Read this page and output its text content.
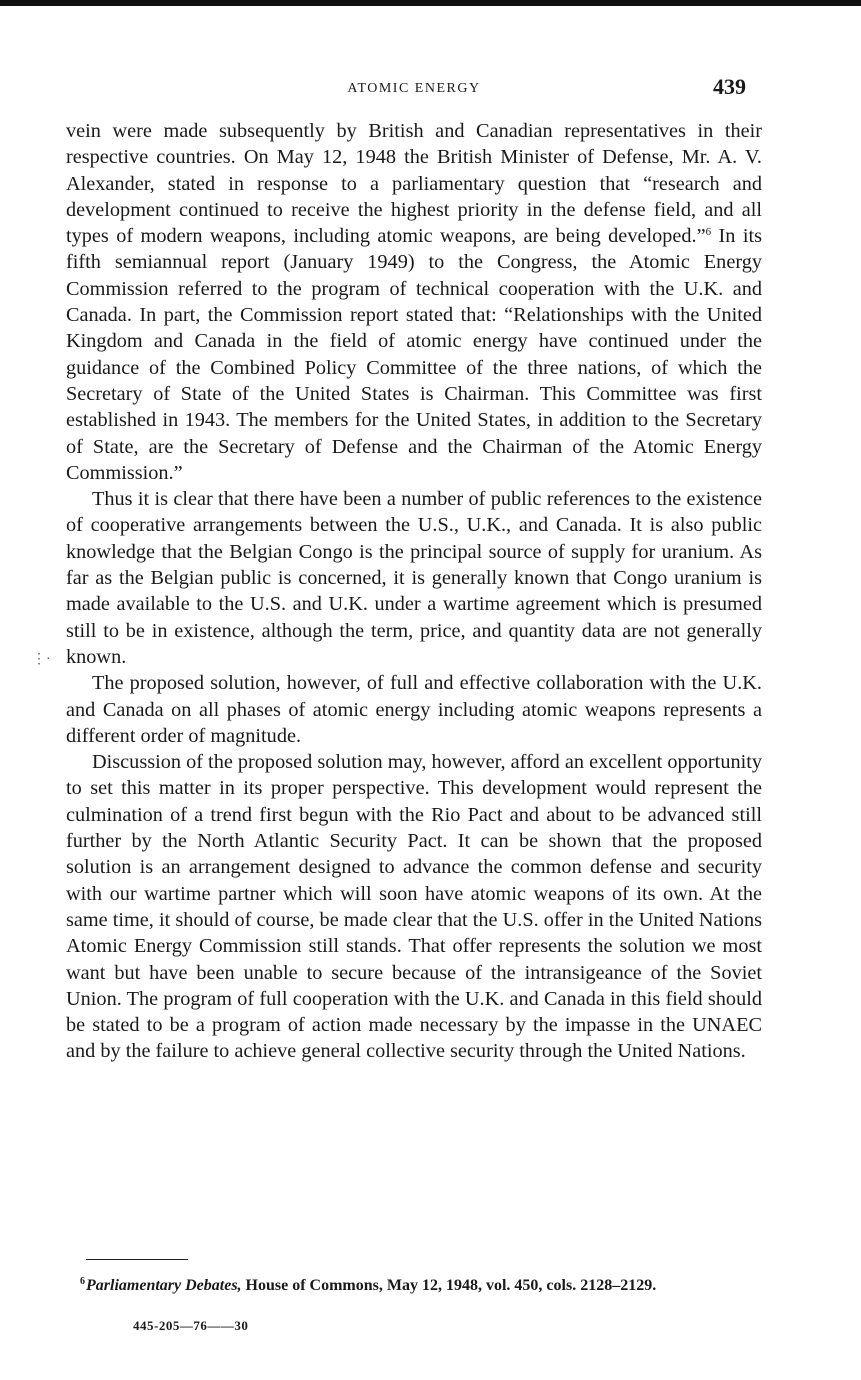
ATOMIC ENERGY	439
⋮·

vein were made subsequently by British and Canadian representatives in their respective countries. On May 12, 1948 the British Minister of Defense, Mr. A. V. Alexander, stated in response to a parliamentary question that “research and development continued to receive the highest priority in the defense field, and all types of modern weapons, including atomic weapons, are being developed.”$^6$ In its fifth semiannual report (January 1949) to the Congress, the Atomic Energy Commission referred to the program of technical cooperation with the U.K. and Canada. In part, the Commission report stated that: “Relationships with the United Kingdom and Canada in the field of atomic energy have continued under the guidance of the Combined Policy Committee of the three nations, of which the Secretary of State of the United States is Chairman. This Committee was first established in 1943. The members for the United States, in addition to the Secretary of State, are the Secretary of Defense and the Chairman of the Atomic Energy Commission.”

Thus it is clear that there have been a number of public references to the existence of cooperative arrangements between the U.S., U.K., and Canada. It is also public knowledge that the Belgian Congo is the principal source of supply for uranium. As far as the Belgian public is concerned, it is generally known that Congo uranium is made available to the U.S. and U.K. under a wartime agreement which is presumed still to be in existence, although the term, price, and quantity data are not generally known.

The proposed solution, however, of full and effective collaboration with the U.K. and Canada on all phases of atomic energy including atomic weapons represents a different order of magnitude.

Discussion of the proposed solution may, however, afford an excellent opportunity to set this matter in its proper perspective. This development would represent the culmination of a trend first begun with the Rio Pact and about to be advanced still further by the North Atlantic Security Pact. It can be shown that the proposed solution is an arrangement designed to advance the common defense and security with our wartime partner which will soon have atomic weapons of its own. At the same time, it should of course, be made clear that the U.S. offer in the United Nations Atomic Energy Commission still stands. That offer represents the solution we most want but have been unable to secure because of the intransigeance of the Soviet Union. The program of full cooperation with the U.K. and Canada in this field should be stated to be a program of action made necessary by the impasse in the UNAEC and by the failure to achieve general collective security through the United Nations.

$^6$Parliamentary Debates, House of Commons, May 12, 1948, vol. 450, cols. 2128–2129.
445-205—76——30
